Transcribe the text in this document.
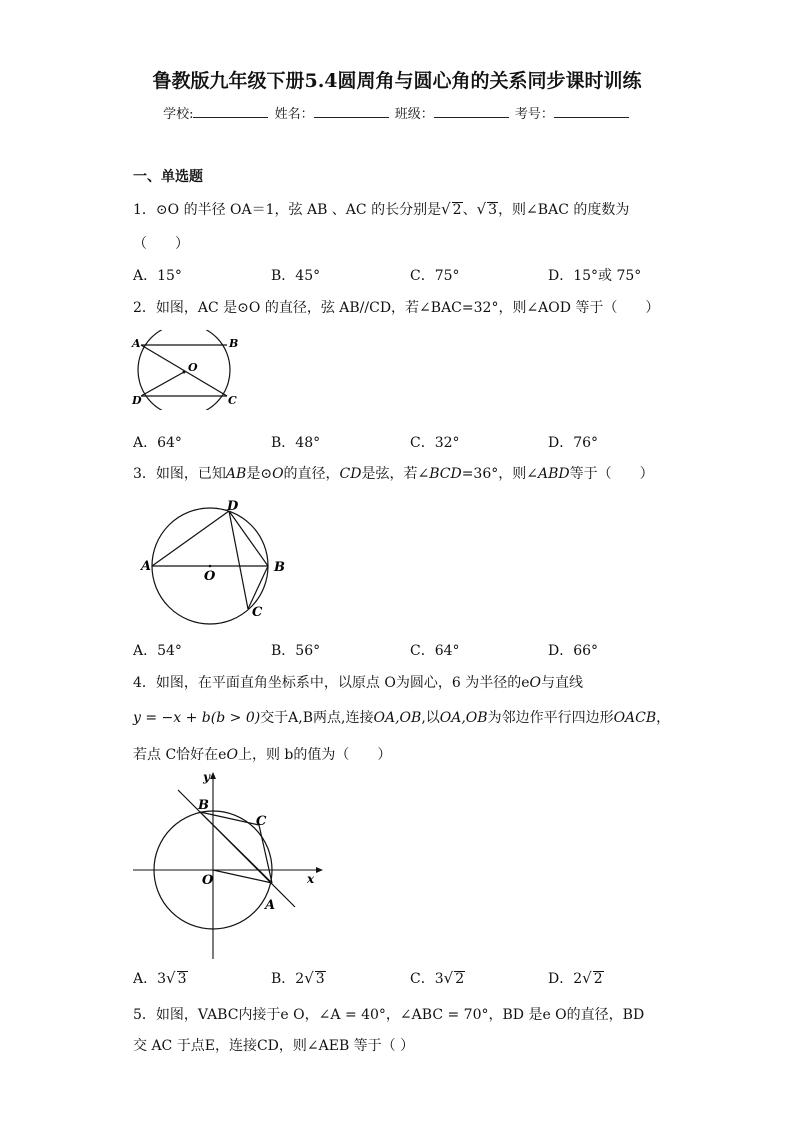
鲁教版九年级下册5.4圆周角与圆心角的关系同步课时训练
学校:	姓名：	班级：	考号：
一、单选题
1．⊙O 的半径 OA＝1，弦 AB 、AC 的长分别是√ 2、√ 3，则∠BAC 的度数为
（　　）
A．15°	B．45°	C．75°	D．15°或 75°
2．如图，AC 是⊙O 的直径，弦 AB//CD，若∠BAC=32°，则∠AOD 等于（　　）
A	B
O
D	C
A．64°	B．48°	C．32°	D．76°
3．如图，已知AB是⊙O的直径，CD是弦，若∠BCD=36°，则∠ABD等于（　　）
A	B
O
D
C
A．54°	B．56°	C．64°	D．66°
4．如图，在平面直角坐标系中，以原点 O为圆心，6 为半径的eO与直线
y = −x + b(b > 0)交于A,B两点,连接OA,OB,以OA,OB为邻边作平行四边形OACB，
若点 C恰好在eO上，则 b的值为（　　）
y
x
B
C
O
A
A．3√ 3	B．2√ 3	C．3√ 2	D．2√ 2
5．如图，VABC内接于e O，∠A = 40°，∠ABC = 70°，BD 是e O的直径，BD
交 AC 于点E，连接CD，则∠AEB 等于（ ）
